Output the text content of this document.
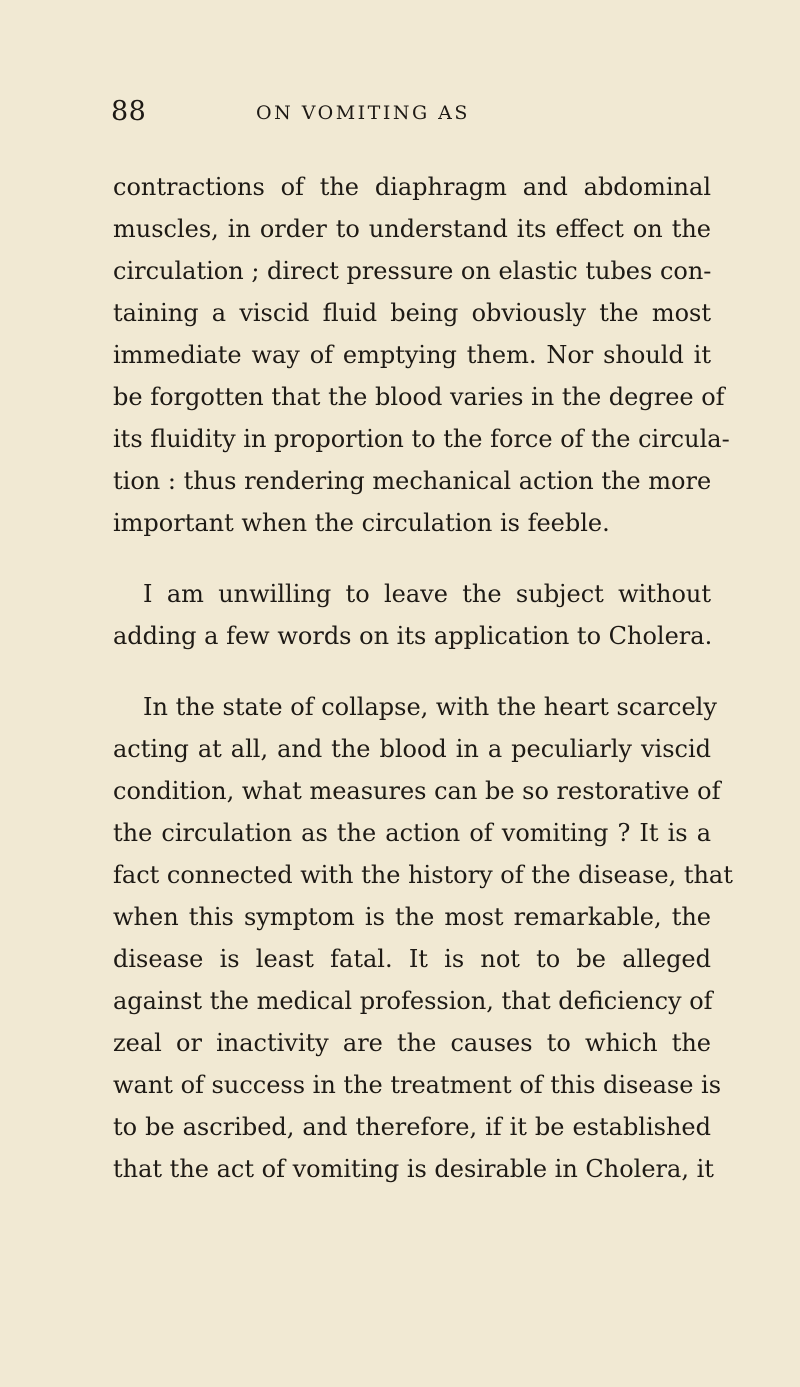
88	ON VOMITING AS
contractions of the diaphragm and abdominal
muscles, in order to understand its effect on the
circulation ; direct pressure on elastic tubes con-
taining a viscid fluid being obviously the most
immediate way of emptying them. Nor should it
be forgotten that the blood varies in the degree of
its fluidity in proportion to the force of the circula-
tion : thus rendering mechanical action the more
important when the circulation is feeble.
I am unwilling to leave the subject without
adding a few words on its application to Cholera.
In the state of collapse, with the heart scarcely
acting at all, and the blood in a peculiarly viscid
condition, what measures can be so restorative of
the circulation as the action of vomiting ? It is a
fact connected with the history of the disease, that
when this symptom is the most remarkable, the
disease is least fatal. It is not to be alleged
against the medical profession, that deficiency of
zeal or inactivity are the causes to which the
want of success in the treatment of this disease is
to be ascribed, and therefore, if it be established
that the act of vomiting is desirable in Cholera, it
